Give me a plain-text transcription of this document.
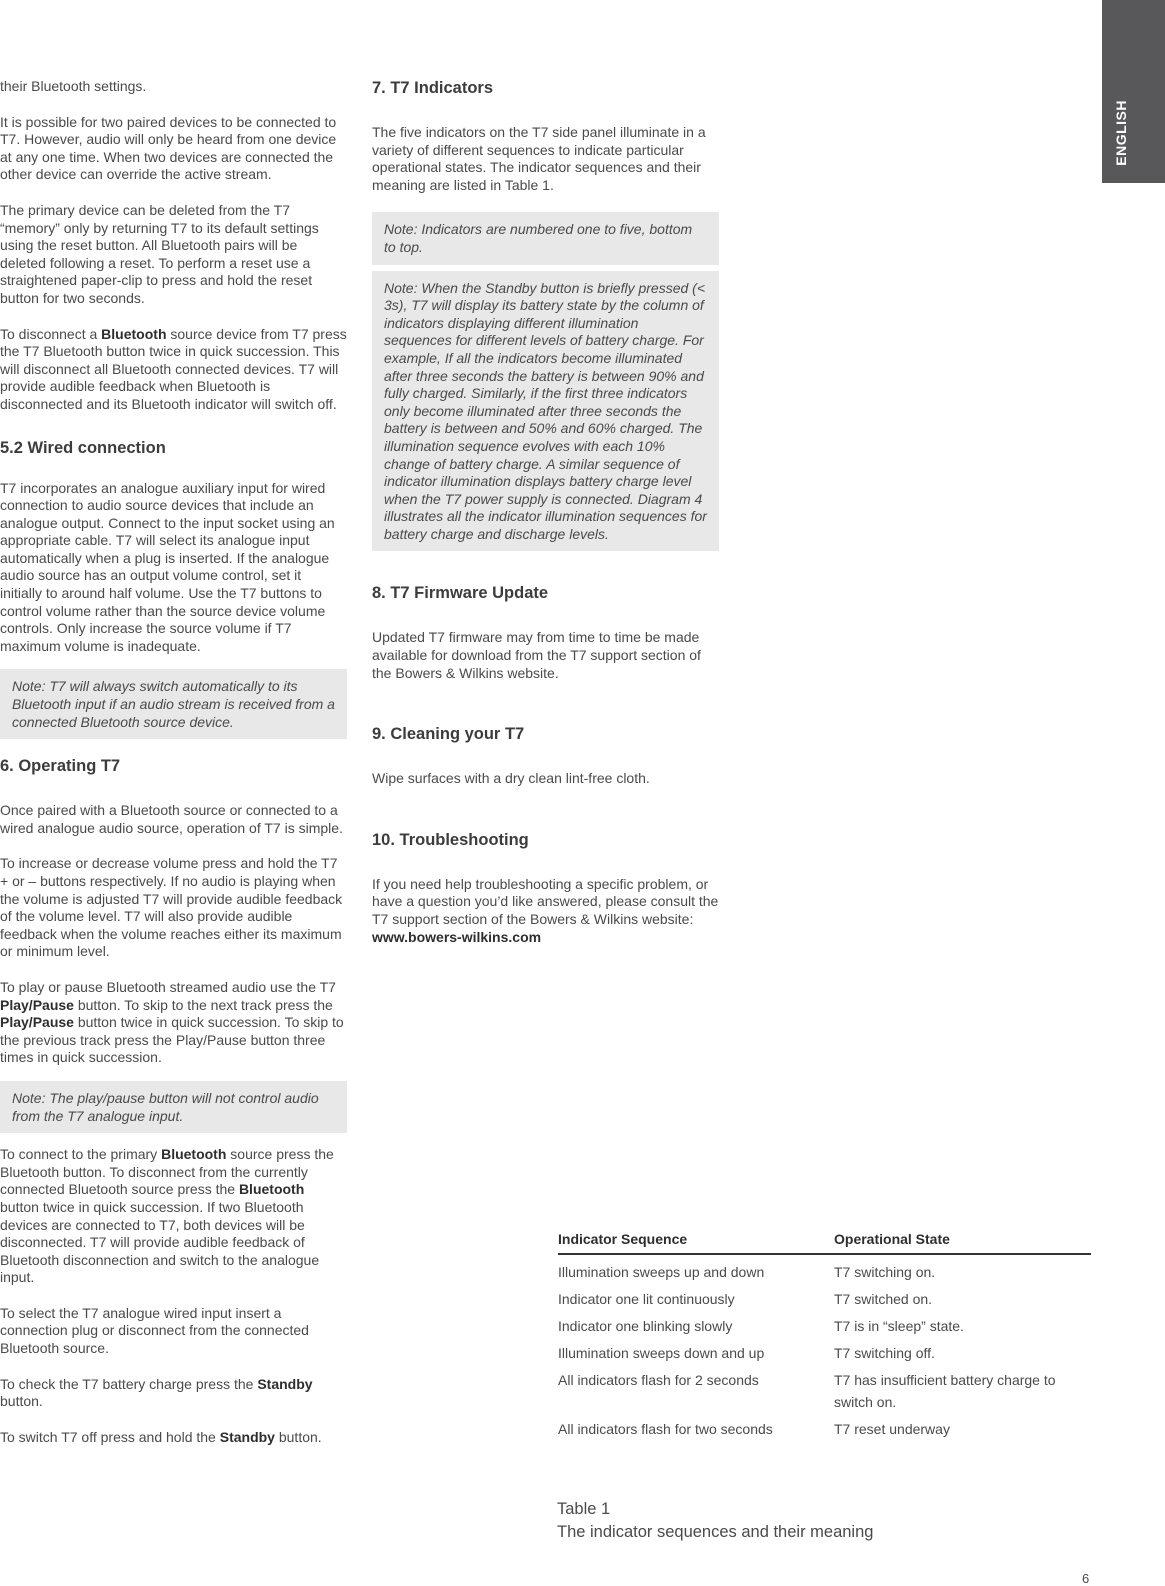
ENGLISH

their Bluetooth settings.

It is possible for two paired devices to be connected to T7. However, audio will only be heard from one device at any one time. When two devices are connected the other device can override the active stream.

The primary device can be deleted from the T7 “memory” only by returning T7 to its default settings using the reset button. All Bluetooth pairs will be deleted following a reset. To perform a reset use a straightened paper-clip to press and hold the reset button for two seconds.

To disconnect a Bluetooth source device from T7 press the T7 Bluetooth button twice in quick succession. This will disconnect all Bluetooth connected devices. T7 will provide audible feedback when Bluetooth is disconnected and its Bluetooth indicator will switch off.

5.2 Wired connection

T7 incorporates an analogue auxiliary input for wired connection to audio source devices that include an analogue output. Connect to the input socket using an appropriate cable. T7 will select its analogue input automatically when a plug is inserted. If the analogue audio source has an output volume control, set it initially to around half volume. Use the T7 buttons to control volume rather than the source device volume controls. Only increase the source volume if T7 maximum volume is inadequate.

Note: T7 will always switch automatically to its Bluetooth input if an audio stream is received from a connected Bluetooth source device.
6. Operating T7

Once paired with a Bluetooth source or connected to a wired analogue audio source, operation of T7 is simple.

To increase or decrease volume press and hold the T7 + or – buttons respectively. If no audio is playing when the volume is adjusted T7 will provide audible feedback of the volume level. T7 will also provide audible feedback when the volume reaches either its maximum or minimum level.

To play or pause Bluetooth streamed audio use the T7 Play/Pause button. To skip to the next track press the Play/Pause button twice in quick succession. To skip to the previous track press the Play/Pause button three times in quick succession.

Note: The play/pause button will not control audio from the T7 analogue input.

To connect to the primary Bluetooth source press the Bluetooth button. To disconnect from the currently connected Bluetooth source press the Bluetooth button twice in quick succession. If two Bluetooth devices are connected to T7, both devices will be disconnected. T7 will provide audible feedback of Bluetooth disconnection and switch to the analogue input.

To select the T7 analogue wired input insert a connection plug or disconnect from the connected Bluetooth source.

To check the T7 battery charge press the Standby button.

To switch T7 off press and hold the Standby button.

7. T7 Indicators

The five indicators on the T7 side panel illuminate in a variety of different sequences to indicate particular operational states. The indicator sequences and their meaning are listed in Table 1.

Note: Indicators are numbered one to five, bottom to top.
Note: When the Standby button is briefly pressed (< 3s), T7 will display its battery state by the column of indicators displaying different illumination sequences for different levels of battery charge. For example, If all the indicators become illuminated after three seconds the battery is between 90% and fully charged. Similarly, if the first three indicators only become illuminated after three seconds the battery is between and 50% and 60% charged. The illumination sequence evolves with each 10% change of battery charge. A similar sequence of indicator illumination displays battery charge level when the T7 power supply is connected. Diagram 4 illustrates all the indicator illumination sequences for battery charge and discharge levels.
8. T7 Firmware Update

Updated T7 firmware may from time to time be made available for download from the T7 support section of the Bowers & Wilkins website.

9. Cleaning your T7

Wipe surfaces with a dry clean lint-free cloth.

10. Troubleshooting

If you need help troubleshooting a specific problem, or have a question you’d like answered, please consult the T7 support section of the Bowers & Wilkins website: www.bowers-wilkins.com

Indicator Sequence	Operational State	
Illumination sweeps up and down	T7 switching on.	
Indicator one lit continuously	T7 switched on.	
Indicator one blinking slowly	T7 is in “sleep” state.	
Illumination sweeps down and up	T7 switching off.	
All indicators flash for 2 seconds	T7 has insufficient battery charge to switch on.	
All indicators flash for two seconds	T7 reset underway	
Table 1
The indicator sequences and their meaning
6
